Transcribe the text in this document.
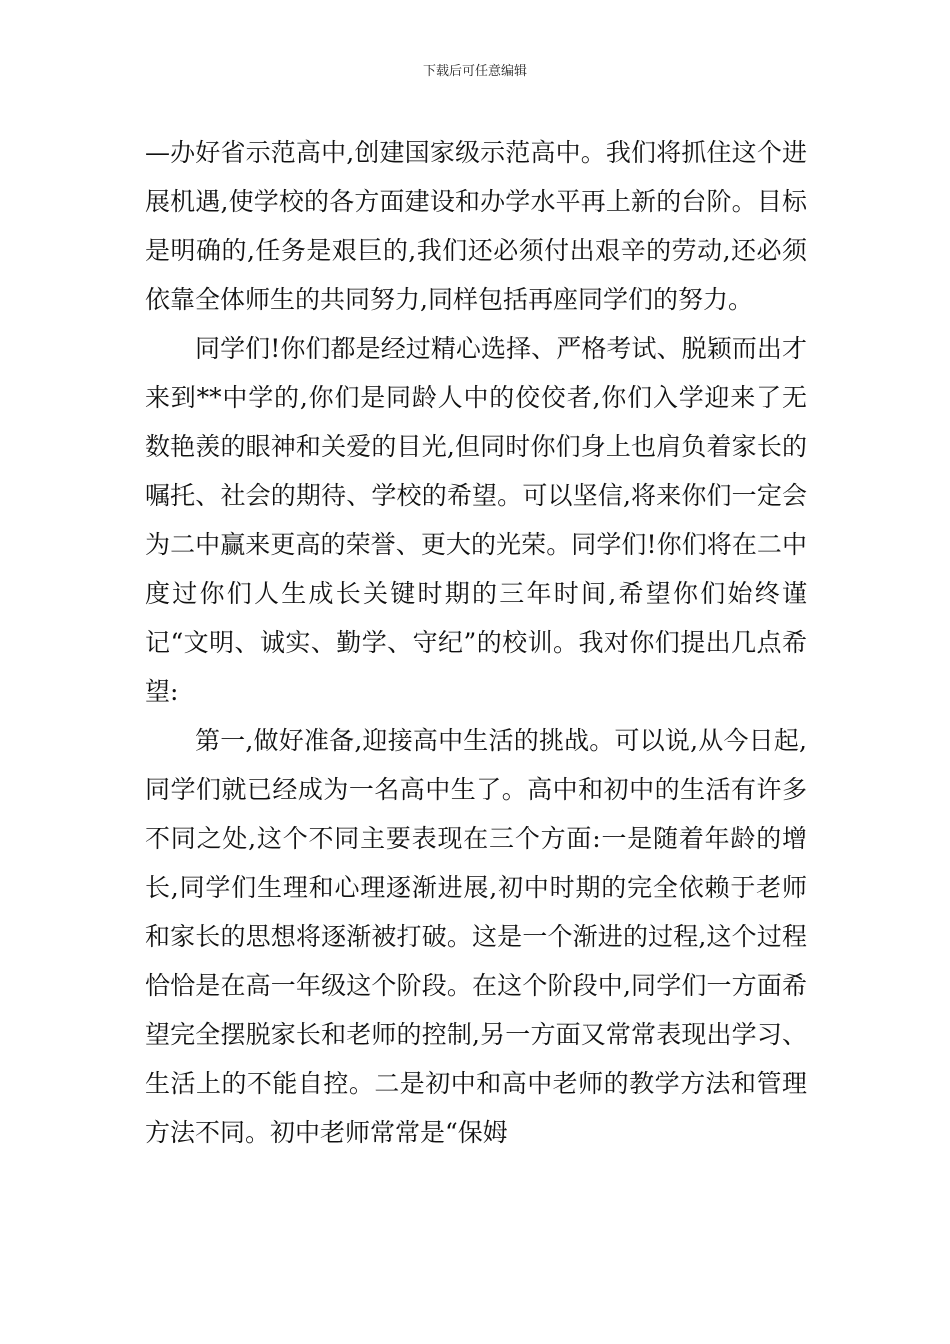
下载后可任意编辑

—办好省示范高中,创建国家级示范高中。我们将抓住这个进展机遇,使学校的各方面建设和办学水平再上新的台阶。目标是明确的,任务是艰巨的,我们还必须付出艰辛的劳动,还必须依靠全体师生的共同努力,同样包括再座同学们的努力。

同学们!你们都是经过精心选择、严格考试、脱颖而出才来到**中学的,你们是同龄人中的佼佼者,你们入学迎来了无数艳羡的眼神和关爱的目光,但同时你们身上也肩负着家长的嘱托、社会的期待、学校的希望。可以坚信,将来你们一定会为二中赢来更高的荣誉、更大的光荣。同学们!你们将在二中度过你们人生成长关键时期的三年时间,希望你们始终谨记“文明、诚实、勤学、守纪”的校训。我对你们提出几点希望:

第一,做好准备,迎接高中生活的挑战。可以说,从今日起,同学们就已经成为一名高中生了。高中和初中的生活有许多不同之处,这个不同主要表现在三个方面:一是随着年龄的增长,同学们生理和心理逐渐进展,初中时期的完全依赖于老师和家长的思想将逐渐被打破。这是一个渐进的过程,这个过程恰恰是在高一年级这个阶段。在这个阶段中,同学们一方面希望完全摆脱家长和老师的控制,另一方面又常常表现出学习、生活上的不能自控。二是初中和高中老师的教学方法和管理方法不同。初中老师常常是“保姆
